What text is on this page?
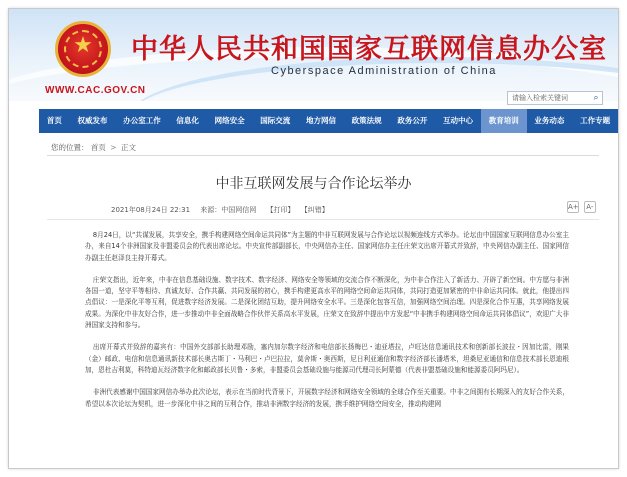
★	中华人民共和国国家互联网信息办公室
Cyberspace Administration of China
WWW.CAC.GOV.CN
请输入检索关键词	⌕
首页	权威发布	办公室工作	信息化	网络安全	国际交流	地方网信	政策法规	政务公开	互动中心	教育培训	业务动态	工作专题
您的位置： 首页 > 正文
中非互联网发展与合作论坛举办
2021年08月24日 22:31 来源：中国网信网 【打印】 【纠错】	A+ A-

8月24日，以“共谋发展，共享安全，携手构建网络空间命运共同体”为主题的中非互联网发展与合作论坛以视频连线方式举办。论坛由中国国家互联网信息办公室主办，来自14个非洲国家及非盟委员会的代表出席论坛。中央宣传部副部长，中央网信办主任、国家网信办主任庄荣文出席开幕式并致辞，中央网信办副主任、国家网信办副主任赵泽良主持开幕式。

庄荣文指出，近年来，中非在信息基础设施、数字技术、数字经济、网络安全等领域的交流合作不断深化，为中非合作注入了新活力、开辟了新空间。中方愿与非洲各国一道，坚守平等相待、真诚友好、合作共赢、共同发展的初心，携手构建更高水平的网络空间命运共同体，共同打造更加紧密的中非命运共同体。就此，他提出四点倡议：一是深化平等互利，促进数字经济发展。二是深化团结互助，提升网络安全水平。三是深化包容互信，加强网络空间治理。四是深化合作互惠，共享网络发展成果。为深化中非友好合作，进一步推动中非全面战略合作伙伴关系高水平发展，庄荣文在致辞中提出中方发起“中非携手构建网络空间命运共同体倡议”，欢迎广大非洲国家支持和参与。

出席开幕式并致辞的嘉宾有：中国外交部部长助理邓励，塞内加尔数字经济和电信部长扬梅巴・迪亚塔拉，卢旺达信息通讯技术和创新部长波拉・因加比雷，刚果（金）邮政、电信和信息通讯新技术部长奥古斯丁・马利巴・卢巴拉拉，莫舍斯・奥西斯，尼日利亚通信和数字经济部长潘塔米，坦桑尼亚通信和信息技术部长恩迪根加，恩杜吉利莫，科特迪瓦经济数字化和邮政部长贝鲁・多索，非盟委员会基础设施与能源司代理司长阿蒙德（代表非盟基础设施和能源委员阿玛尼）。

非洲代表感谢中国国家网信办举办此次论坛，表示在当前时代背景下，开展数字经济和网络安全领域的全球合作至关重要。中非之间拥有长期深入的友好合作关系，希望以本次论坛为契机，进一步深化中非之间的互利合作，推动非洲数字经济的发展，携手维护网络空间安全，推动构建网
